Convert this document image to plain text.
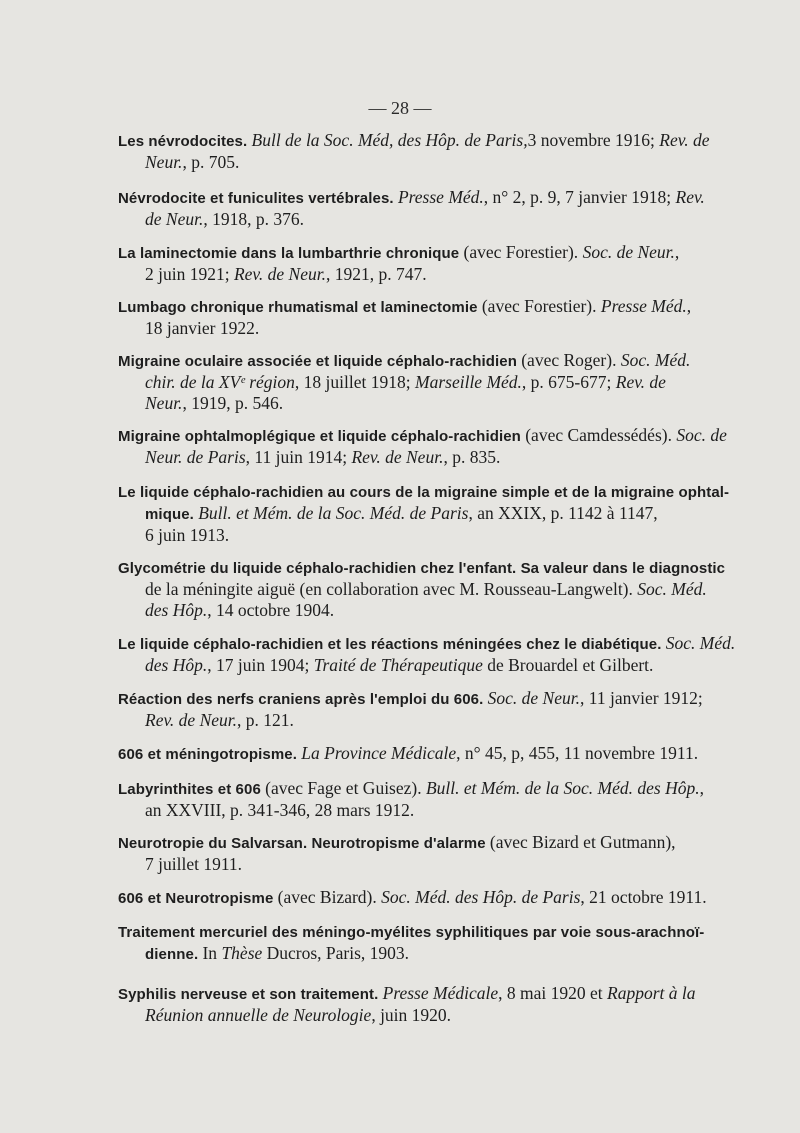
— 28 —
Les névrodocites. Bull de la Soc. Méd, des Hôp. de Paris,3 novembre 1916; Rev. de
Neur., p. 705.
Névrodocite et funiculites vertébrales. Presse Méd., n° 2, p. 9, 7 janvier 1918; Rev.
de Neur., 1918, p. 376.
La laminectomie dans la lumbarthrie chronique (avec Forestier). Soc. de Neur.,
2 juin 1921; Rev. de Neur., 1921, p. 747.
Lumbago chronique rhumatismal et laminectomie (avec Forestier). Presse Méd.,
18 janvier 1922.
Migraine oculaire associée et liquide céphalo-rachidien (avec Roger). Soc. Méd.
chir. de la XVᵉ région, 18 juillet 1918; Marseille Méd., p. 675-677; Rev. de
Neur., 1919, p. 546.
Migraine ophtalmoplégique et liquide céphalo-rachidien (avec Camdessédés). Soc. de
Neur. de Paris, 11 juin 1914; Rev. de Neur., p. 835.
Le liquide céphalo-rachidien au cours de la migraine simple et de la migraine ophtal-
mique. Bull. et Mém. de la Soc. Méd. de Paris, an XXIX, p. 1142 à 1147,
6 juin 1913.
Glycométrie du liquide céphalo-rachidien chez l'enfant. Sa valeur dans le diagnostic
de la méningite aiguë (en collaboration avec M. Rousseau-Langwelt). Soc. Méd.
des Hôp., 14 octobre 1904.
Le liquide céphalo-rachidien et les réactions méningées chez le diabétique. Soc. Méd.
des Hôp., 17 juin 1904; Traité de Thérapeutique de Brouardel et Gilbert.
Réaction des nerfs craniens après l'emploi du 606. Soc. de Neur., 11 janvier 1912;
Rev. de Neur., p. 121.
606 et méningotropisme. La Province Médicale, n° 45, p, 455, 11 novembre 1911.
Labyrinthites et 606 (avec Fage et Guisez). Bull. et Mém. de la Soc. Méd. des Hôp.,
an XXVIII, p. 341-346, 28 mars 1912.
Neurotropie du Salvarsan. Neurotropisme d'alarme (avec Bizard et Gutmann),
7 juillet 1911.
606 et Neurotropisme (avec Bizard). Soc. Méd. des Hôp. de Paris, 21 octobre 1911.
Traitement mercuriel des méningo-myélites syphilitiques par voie sous-arachnoï-
dienne. In Thèse Ducros, Paris, 1903.
Syphilis nerveuse et son traitement. Presse Médicale, 8 mai 1920 et Rapport à la
Réunion annuelle de Neurologie, juin 1920.
